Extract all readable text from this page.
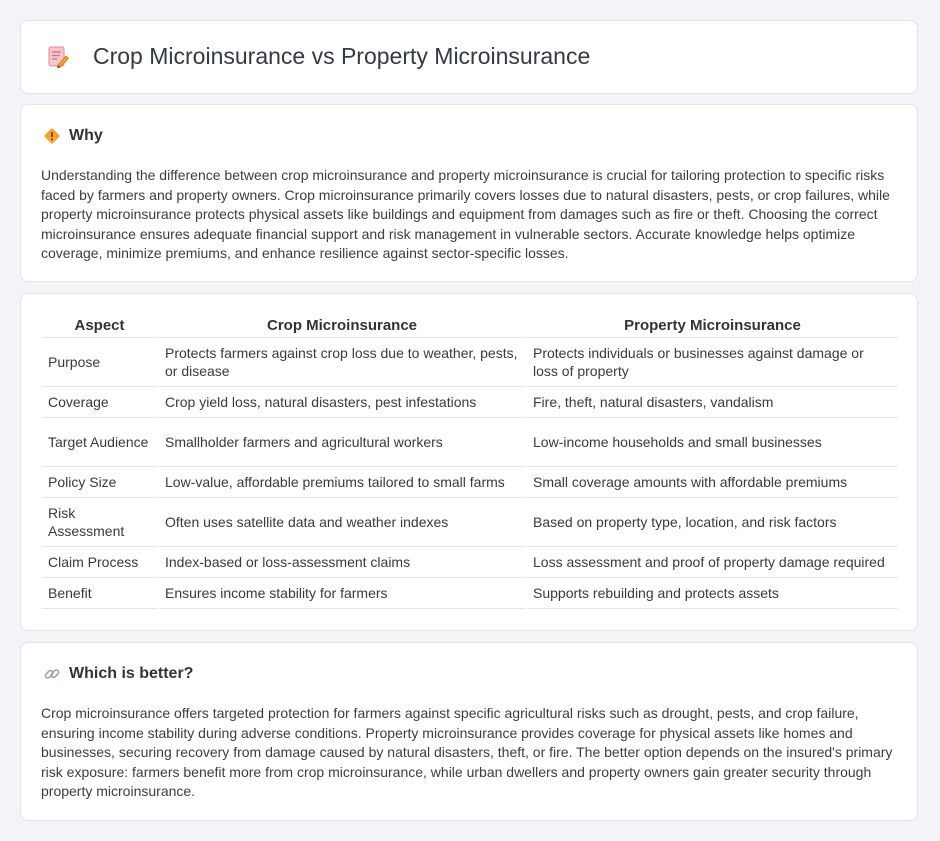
Crop Microinsurance vs Property Microinsurance
Why

Understanding the difference between crop microinsurance and property microinsurance is crucial for tailoring protection to specific risks faced by farmers and property owners. Crop microinsurance primarily covers losses due to natural disasters, pests, or crop failures, while property microinsurance protects physical assets like buildings and equipment from damages such as fire or theft. Choosing the correct microinsurance ensures adequate financial support and risk management in vulnerable sectors. Accurate knowledge helps optimize coverage, minimize premiums, and enhance resilience against sector-specific losses.

Aspect	Crop Microinsurance	Property Microinsurance
Purpose	Protects farmers against crop loss due to weather, pests, or disease	Protects individuals or businesses against damage or loss of property
Coverage	Crop yield loss, natural disasters, pest infestations	Fire, theft, natural disasters, vandalism
Target Audience	Smallholder farmers and agricultural workers	Low-income households and small businesses
Policy Size	Low-value, affordable premiums tailored to small farms	Small coverage amounts with affordable premiums
Risk Assessment	Often uses satellite data and weather indexes	Based on property type, location, and risk factors
Claim Process	Index-based or loss-assessment claims	Loss assessment and proof of property damage required
Benefit	Ensures income stability for farmers	Supports rebuilding and protects assets
Which is better?

Crop microinsurance offers targeted protection for farmers against specific agricultural risks such as drought, pests, and crop failure, ensuring income stability during adverse conditions. Property microinsurance provides coverage for physical assets like homes and businesses, securing recovery from damage caused by natural disasters, theft, or fire. The better option depends on the insured's primary risk exposure: farmers benefit more from crop microinsurance, while urban dwellers and property owners gain greater security through property microinsurance.
